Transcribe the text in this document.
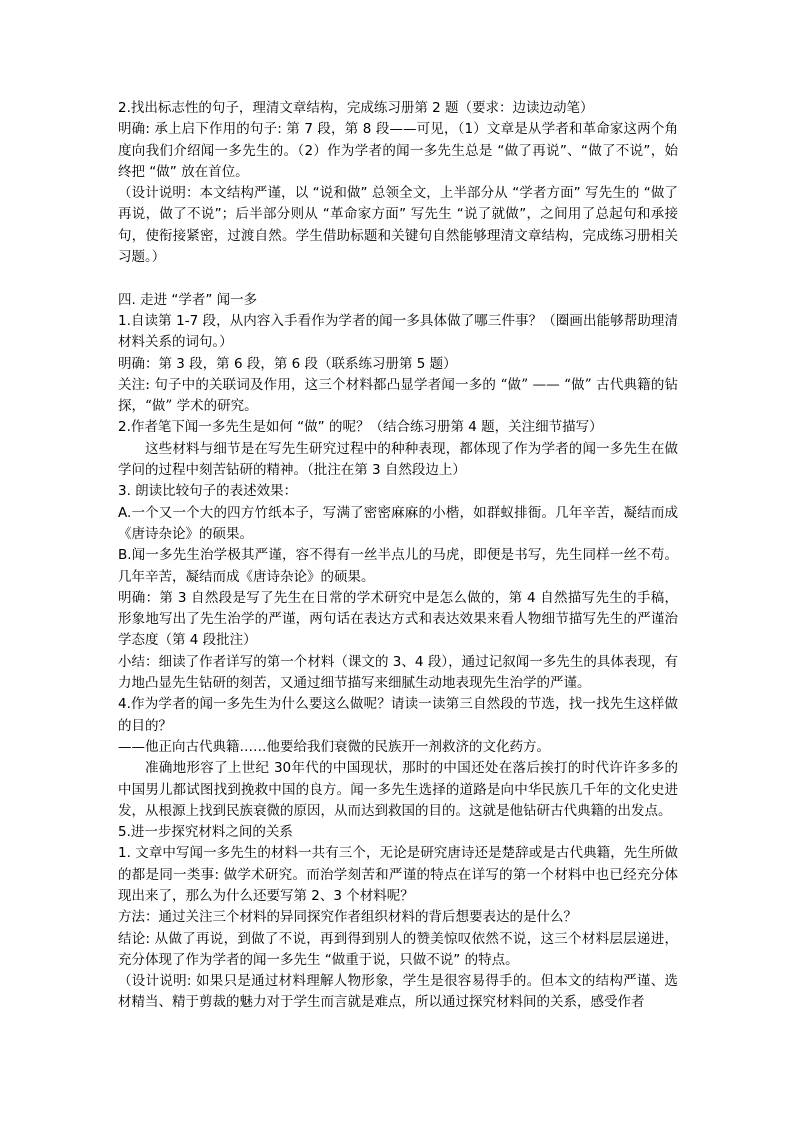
2.找出标志性的句子，理清文章结构，完成练习册第 2 题（要求：边读边动笔）

明确: 承上启下作用的句子: 第 7 段，第 8 段——可见，（1）文章是从学者和革命家这两个角度向我们介绍闻一多先生的。（2）作为学者的闻一多先生总是 “做了再说”、“做了不说”，始终把 “做” 放在首位。

（设计说明：本文结构严谨，以 “说和做” 总领全文，上半部分从 “学者方面” 写先生的 “做了再说，做了不说”；后半部分则从 “革命家方面” 写先生 “说了就做”，之间用了总起句和承接句，使衔接紧密，过渡自然。学生借助标题和关键句自然能够理清文章结构，完成练习册相关习题。）

四. 走进 “学者” 闻一多

1.自读第 1-7 段，从内容入手看作为学者的闻一多具体做了哪三件事？（圈画出能够帮助理清材料关系的词句。）

明确：第 3 段，第 6 段，第 6 段（联系练习册第 5 题）

关注: 句子中的关联词及作用，这三个材料都凸显学者闻一多的 “做” —— “做” 古代典籍的钻探，“做” 学术的研究。

2.作者笔下闻一多先生是如何 “做” 的呢？（结合练习册第 4 题，关注细节描写）

这些材料与细节是在写先生研究过程中的种种表现，都体现了作为学者的闻一多先生在做学问的过程中刻苦钻研的精神。（批注在第 3 自然段边上）

3. 朗读比较句子的表述效果：

A.一个又一个大的四方竹纸本子，写满了密密麻麻的小楷，如群蚁排衙。几年辛苦，凝结而成《唐诗杂论》的硕果。

B.闻一多先生治学极其严谨，容不得有一丝半点儿的马虎，即便是书写，先生同样一丝不苟。几年辛苦，凝结而成《唐诗杂论》的硕果。

明确：第 3 自然段是写了先生在日常的学术研究中是怎么做的，第 4 自然描写先生的手稿，形象地写出了先生治学的严谨，两句话在表达方式和表达效果来看人物细节描写先生的严谨治学态度（第 4 段批注）

小结：细读了作者详写的第一个材料（课文的 3、4 段），通过记叙闻一多先生的具体表现，有力地凸显先生钻研的刻苦，又通过细节描写来细腻生动地表现先生治学的严谨。

4.作为学者的闻一多先生为什么要这么做呢？请读一读第三自然段的节选，找一找先生这样做的目的？

——他正向古代典籍……他要给我们衰微的民族开一剂救济的文化药方。

准确地形容了上世纪 30年代的中国现状，那时的中国还处在落后挨打的时代许许多多的中国男儿都试图找到挽救中国的良方。闻一多先生选择的道路是向中华民族几千年的文化史进发，从根源上找到民族衰微的原因，从而达到救国的目的。这就是他钻研古代典籍的出发点。

5.进一步探究材料之间的关系

1. 文章中写闻一多先生的材料一共有三个，无论是研究唐诗还是楚辞或是古代典籍，先生所做的都是同一类事: 做学术研究。而治学刻苦和严谨的特点在详写的第一个材料中也已经充分体现出来了，那么为什么还要写第 2、3 个材料呢？

方法：通过关注三个材料的异同探究作者组织材料的背后想要表达的是什么？

结论: 从做了再说，到做了不说，再到得到别人的赞美惊叹依然不说，这三个材料层层递进，充分体现了作为学者的闻一多先生 “做重于说，只做不说” 的特点。

（设计说明: 如果只是通过材料理解人物形象，学生是很容易得手的。但本文的结构严谨、选材精当、精于剪裁的魅力对于学生而言就是难点，所以通过探究材料间的关系，感受作者
